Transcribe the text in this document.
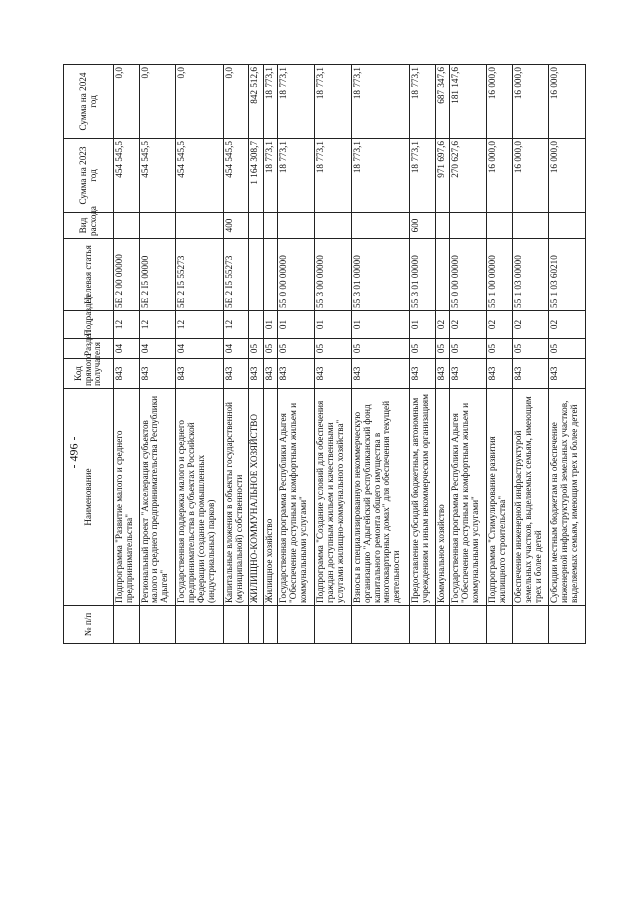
- 496 -
№ п/п	Наименование	Код прямого получателя	Раздел	Подраздел	Целевая статья	Вид расхода	Сумма на 2023 год	Сумма на 2024 год
	Подпрограмма "Развитие малого и среднего предпринимательства"	843	04	12	5Е 2 00 00000		454 545,5	0,0
	Региональный проект "Акселерация субъектов малого и среднего предпринимательства Республики Адыгея"	843	04	12	5Е 2 I5 00000		454 545,5	0,0
	Государственная поддержка малого и среднего предпринимательства в субъектах Российской Федерации (создание промышленных (индустриальных) парков)	843	04	12	5Е 2 I5 55273		454 545,5	0,0
	Капитальные вложения в объекты государственной (муниципальной) собственности	843	04	12	5Е 2 I5 55273	400	454 545,5	0,0
	ЖИЛИЩНО-КОММУНАЛЬНОЕ ХОЗЯЙСТВО	843	05				1 164 308,7	842 512,6
	Жилищное хозяйство	843	05	01			18 773,1	18 773,1
	Государственная программа Республики Адыгея "Обеспечение доступным и комфортным жильем и коммунальными услугами"	843	05	01	55 0 00 00000		18 773,1	18 773,1
	Подпрограмма "Создание условий для обеспечения граждан доступным жильем и качественными услугами жилищно-коммунального хозяйства"	843	05	01	55 3 00 00000		18 773,1	18 773,1
	Взносы в специализированную некоммерческую организацию "Адыгейский республиканский фонд капитального ремонта общего имущества в многоквартирных домах" для обеспечения текущей деятельности	843	05	01	55 3 01 00000		18 773,1	18 773,1
	Предоставление субсидий бюджетным, автономным учреждениям и иным некоммерческим организациям	843	05	01	55 3 01 00000	600	18 773,1	18 773,1
	Коммунальное хозяйство	843	05	02			971 697,6	687 347,6
	Государственная программа Республики Адыгея "Обеспечение доступным и комфортным жильем и коммунальными услугами"	843	05	02	55 0 00 00000		270 627,6	181 147,6
	Подпрограмма "Стимулирование развития жилищного строительства"	843	05	02	55 1 00 00000		16 000,0	16 000,0
	Обеспечение инженерной инфраструктурой земельных участков, выделяемых семьям, имеющим трех и более детей	843	05	02	55 1 03 00000		16 000,0	16 000,0
	Субсидии местным бюджетам на обеспечение инженерной инфраструктурой земельных участков, выделяемых семьям, имеющим трех и более детей	843	05	02	55 1 03 60210		16 000,0	16 000,0
